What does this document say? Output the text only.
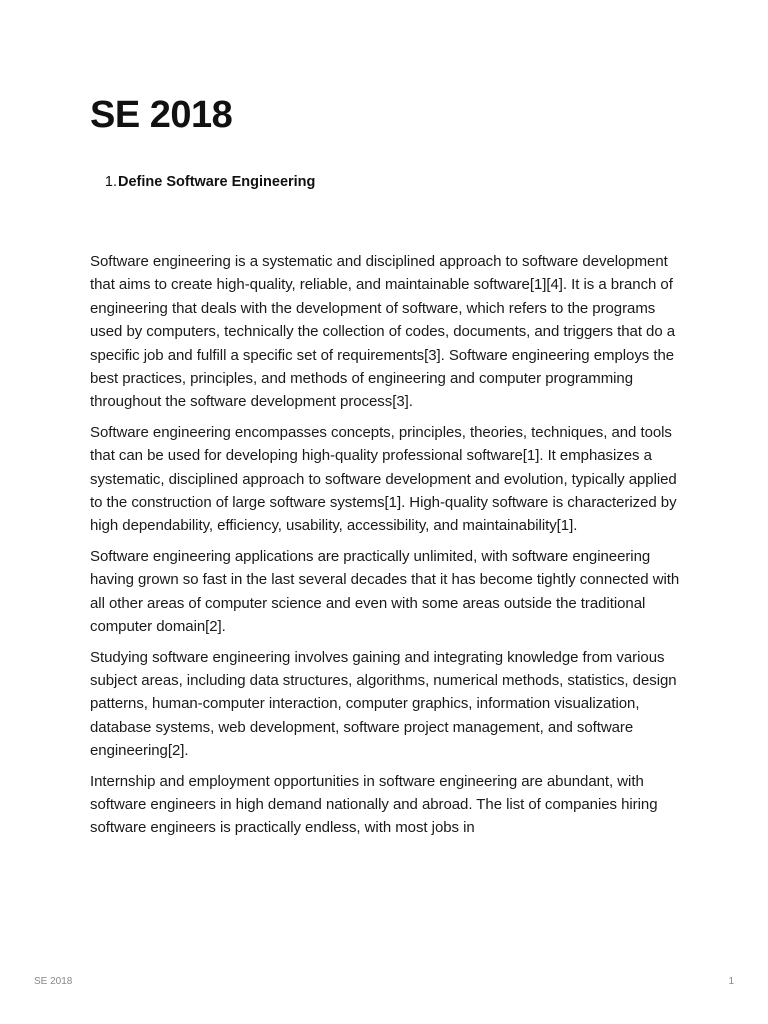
SE 2018
1. Define Software Engineering

Software engineering is a systematic and disciplined approach to software development that aims to create high-quality, reliable, and maintainable software[1][4]. It is a branch of engineering that deals with the development of software, which refers to the programs used by computers, technically the collection of codes, documents, and triggers that do a specific job and fulfill a specific set of requirements[3]. Software engineering employs the best practices, principles, and methods of engineering and computer programming throughout the software development process[3].

Software engineering encompasses concepts, principles, theories, techniques, and tools that can be used for developing high-quality professional software[1]. It emphasizes a systematic, disciplined approach to software development and evolution, typically applied to the construction of large software systems[1]. High-quality software is characterized by high dependability, efficiency, usability, accessibility, and maintainability[1].

Software engineering applications are practically unlimited, with software engineering having grown so fast in the last several decades that it has become tightly connected with all other areas of computer science and even with some areas outside the traditional computer domain[2].

Studying software engineering involves gaining and integrating knowledge from various subject areas, including data structures, algorithms, numerical methods, statistics, design patterns, human-computer interaction, computer graphics, information visualization, database systems, web development, software project management, and software engineering[2].

Internship and employment opportunities in software engineering are abundant, with software engineers in high demand nationally and abroad. The list of companies hiring software engineers is practically endless, with most jobs in

SE 2018	1
